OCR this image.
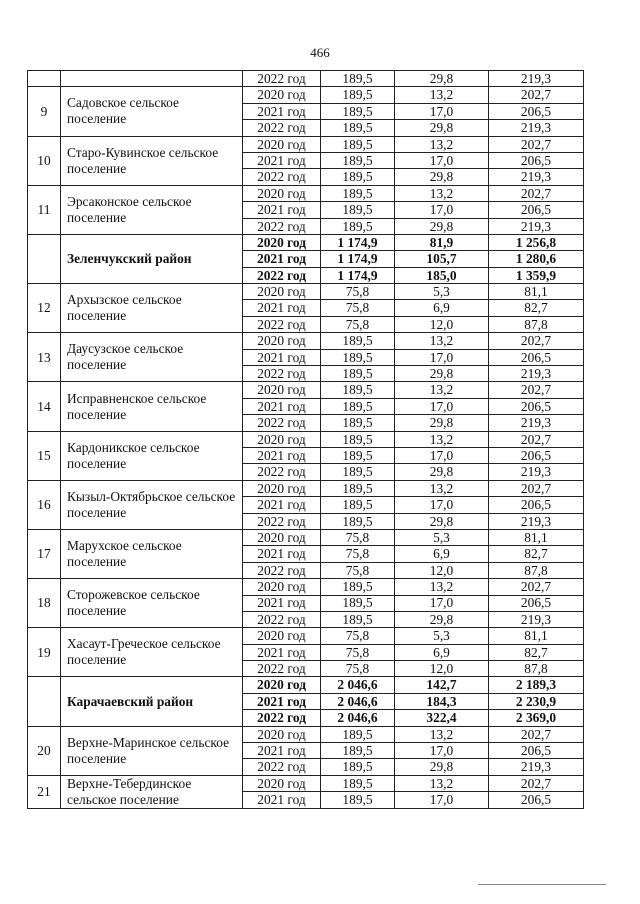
466
		2022 год	189,5	29,8	219,3
9	Садовское сельское поселение	2020 год	189,5	13,2	202,7
		2021 год	189,5	17,0	206,5
		2022 год	189,5	29,8	219,3
10	Старо-Кувинское сельское поселение	2020 год	189,5	13,2	202,7
		2021 год	189,5	17,0	206,5
		2022 год	189,5	29,8	219,3
11	Эрсаконское сельское поселение	2020 год	189,5	13,2	202,7
		2021 год	189,5	17,0	206,5
		2022 год	189,5	29,8	219,3
	Зеленчукский район	2020 год	1 174,9	81,9	1 256,8
		2021 год	1 174,9	105,7	1 280,6
		2022 год	1 174,9	185,0	1 359,9
12	Архызское сельское поселение	2020 год	75,8	5,3	81,1
		2021 год	75,8	6,9	82,7
		2022 год	75,8	12,0	87,8
13	Даусузское сельское поселение	2020 год	189,5	13,2	202,7
		2021 год	189,5	17,0	206,5
		2022 год	189,5	29,8	219,3
14	Исправненское сельское поселение	2020 год	189,5	13,2	202,7
		2021 год	189,5	17,0	206,5
		2022 год	189,5	29,8	219,3
15	Кардоникское сельское поселение	2020 год	189,5	13,2	202,7
		2021 год	189,5	17,0	206,5
		2022 год	189,5	29,8	219,3
16	Кызыл-Октябрьское сельское поселение	2020 год	189,5	13,2	202,7
		2021 год	189,5	17,0	206,5
		2022 год	189,5	29,8	219,3
17	Марухское сельское поселение	2020 год	75,8	5,3	81,1
		2021 год	75,8	6,9	82,7
		2022 год	75,8	12,0	87,8
18	Сторожевское сельское поселение	2020 год	189,5	13,2	202,7
		2021 год	189,5	17,0	206,5
		2022 год	189,5	29,8	219,3
19	Хасаут-Греческое сельское поселение	2020 год	75,8	5,3	81,1
		2021 год	75,8	6,9	82,7
		2022 год	75,8	12,0	87,8
	Карачаевский район	2020 год	2 046,6	142,7	2 189,3
		2021 год	2 046,6	184,3	2 230,9
		2022 год	2 046,6	322,4	2 369,0
20	Верхне-Маринское сельское поселение	2020 год	189,5	13,2	202,7
		2021 год	189,5	17,0	206,5
		2022 год	189,5	29,8	219,3
21	Верхне-Тебердинское сельское поселение	2020 год	189,5	13,2	202,7
		2021 год	189,5	17,0	206,5
